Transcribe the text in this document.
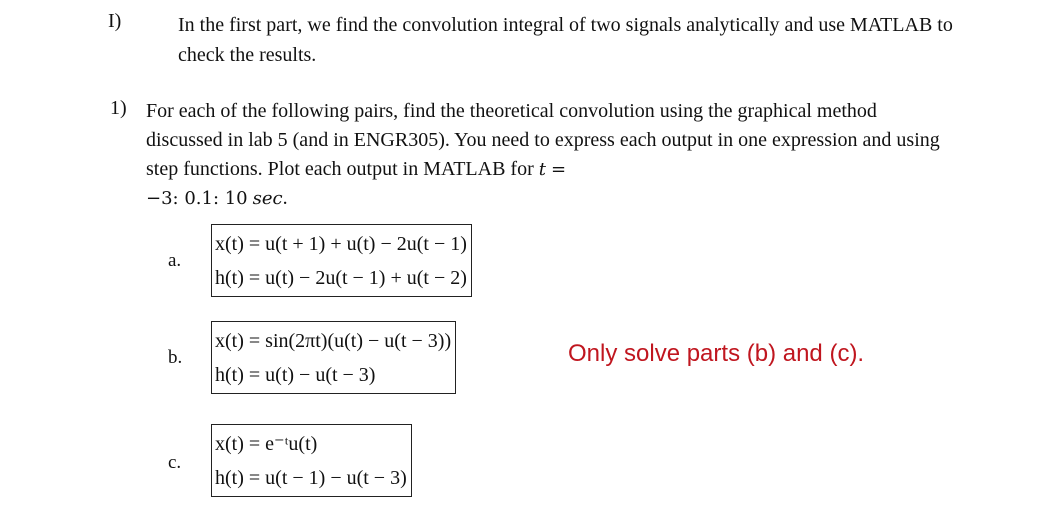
I)	In the first part, we find the convolution integral of two signals analytically and use MATLAB to check the results.
1) For each of the following pairs, find the theoretical convolution using the graphical method discussed in lab 5 (and in ENGR305). You need to express each output in one expression and using step functions. Plot each output in MATLAB for t =
−3: 0.1: 10 sec.
a.
x(t) = u(t + 1) + u(t) − 2u(t − 1)
h(t) = u(t) − 2u(t − 1) + u(t − 2)
b.
x(t) = sin(2πt)(u(t) − u(t − 3))
h(t) = u(t) − u(t − 3)
c.
x(t) = e⁻ᵗu(t)
h(t) = u(t − 1) − u(t − 3)
Only solve parts (b) and (c).
